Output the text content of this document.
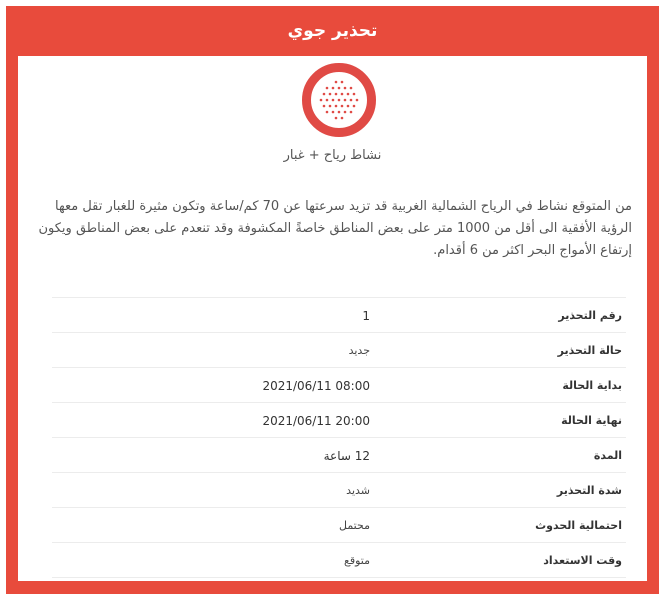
تحذير جوي
نشاط رياح + غبار
من المتوقع نشاط في الرياح الشمالية الغربية قد تزيد سرعتها عن 70 كم/ساعة وتكون مثيرة للغبار تقل معها الرؤية الأفقية الى أقل من 1000 متر على بعض المناطق خاصةً المكشوفة وقد تنعدم على بعض المناطق ويكون إرتفاع الأمواج البحر اكثر من 6 أقدام.
رقم التحذير
1
حالة التحذير
جديد
بداية الحالة
2021/06/11 08:00
نهاية الحالة
2021/06/11 20:00
المدة
12 ساعة
شدة التحذير
شديد
احتمالية الحدوث
محتمل
وقت الاستعداد
متوقع
